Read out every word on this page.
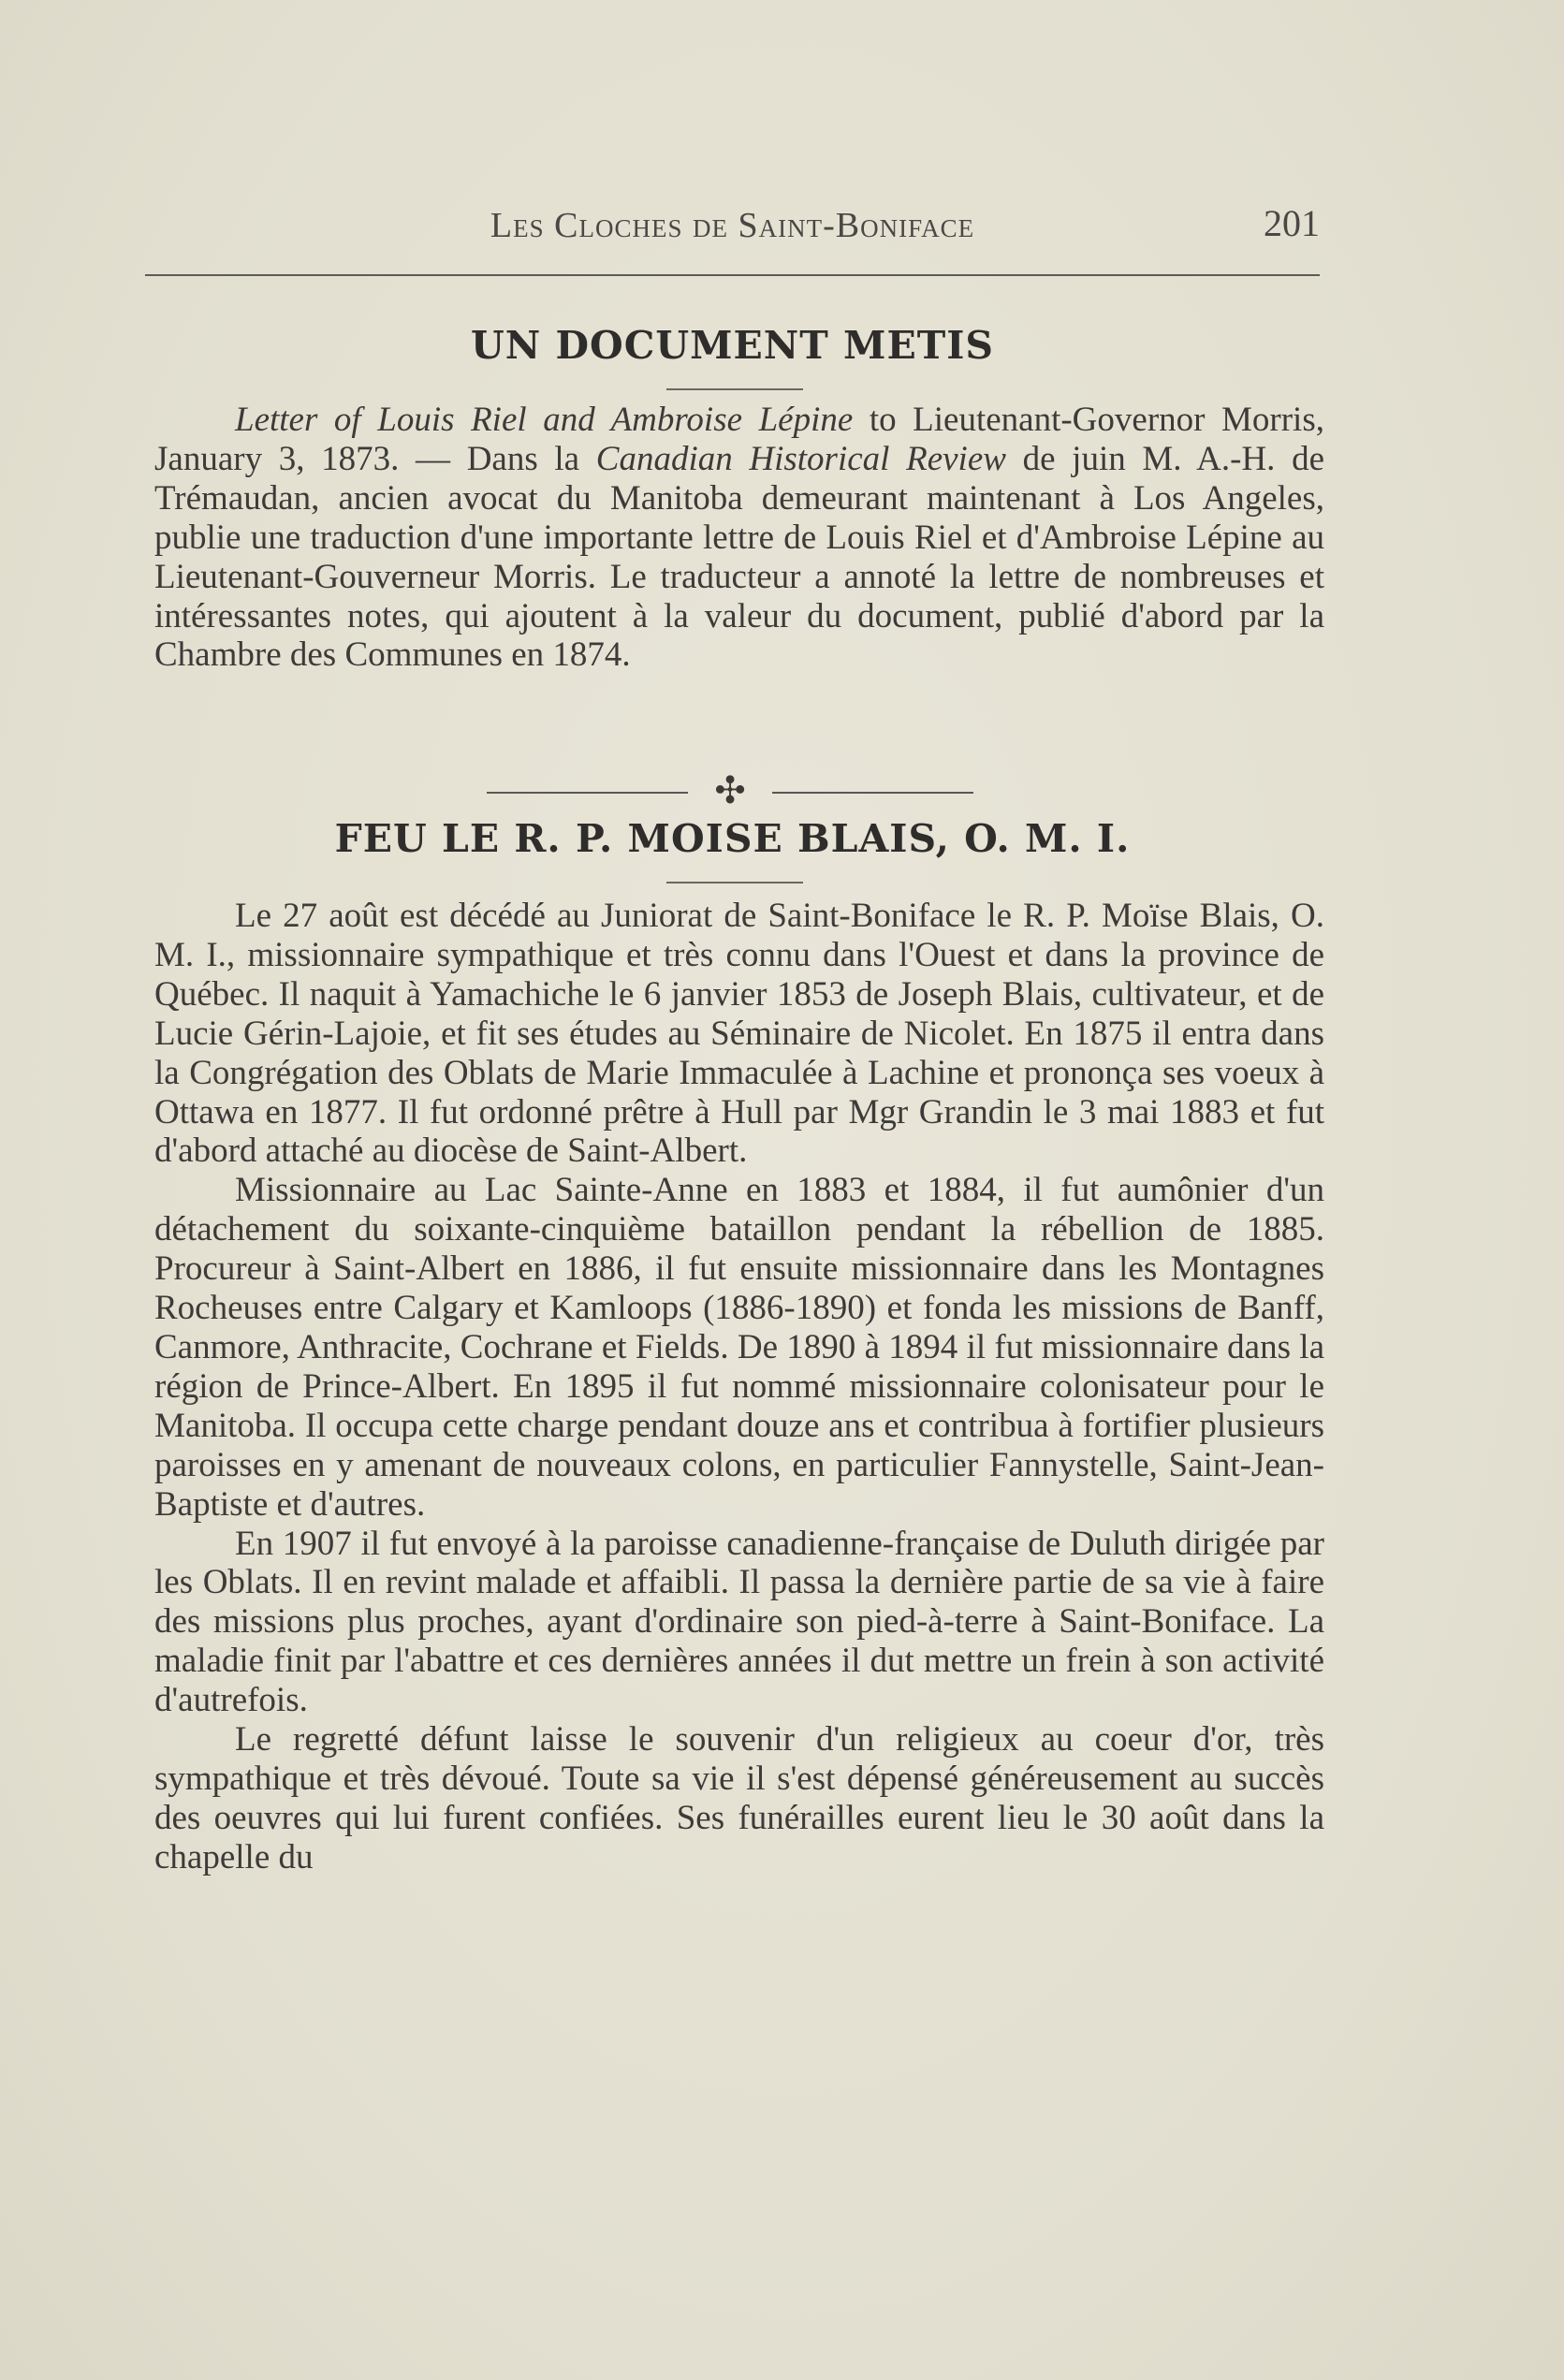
Les Cloches de Saint-Boniface	201
UN DOCUMENT METIS

Letter of Louis Riel and Ambroise Lépine to Lieutenant-Governor Morris, January 3, 1873. — Dans la Canadian Historical Review de juin M. A.-H. de Trémaudan, ancien avocat du Manitoba demeurant maintenant à Los Angeles, publie une traduction d'une importante lettre de Louis Riel et d'Ambroise Lépine au Lieutenant-Gouverneur Morris. Le traducteur a annoté la lettre de nombreuses et intéressantes notes, qui ajoutent à la valeur du document, publié d'abord par la Chambre des Communes en 1874.

✣
FEU LE R. P. MOISE BLAIS, O. M. I.

Le 27 août est décédé au Juniorat de Saint-Boniface le R. P. Moïse Blais, O. M. I., missionnaire sympathique et très connu dans l'Ouest et dans la province de Québec. Il naquit à Yamachiche le 6 janvier 1853 de Joseph Blais, cultivateur, et de Lucie Gérin-Lajoie, et fit ses études au Séminaire de Nicolet. En 1875 il entra dans la Congrégation des Oblats de Marie Immaculée à Lachine et prononça ses voeux à Ottawa en 1877. Il fut ordonné prêtre à Hull par Mgr Grandin le 3 mai 1883 et fut d'abord attaché au diocèse de Saint-Albert.

Missionnaire au Lac Sainte-Anne en 1883 et 1884, il fut aumônier d'un détachement du soixante-cinquième bataillon pendant la rébellion de 1885. Procureur à Saint-Albert en 1886, il fut ensuite missionnaire dans les Montagnes Rocheuses entre Calgary et Kamloops (1886-1890) et fonda les missions de Banff, Canmore, Anthracite, Cochrane et Fields. De 1890 à 1894 il fut missionnaire dans la région de Prince-Albert. En 1895 il fut nommé missionnaire colonisateur pour le Manitoba. Il occupa cette charge pendant douze ans et contribua à fortifier plusieurs paroisses en y amenant de nouveaux colons, en particulier Fannystelle, Saint-Jean-Baptiste et d'autres.

En 1907 il fut envoyé à la paroisse canadienne-française de Duluth dirigée par les Oblats. Il en revint malade et affaibli. Il passa la dernière partie de sa vie à faire des missions plus proches, ayant d'ordinaire son pied-à-terre à Saint-Boniface. La maladie finit par l'abattre et ces dernières années il dut mettre un frein à son activité d'autrefois.

Le regretté défunt laisse le souvenir d'un religieux au coeur d'or, très sympathique et très dévoué. Toute sa vie il s'est dépensé généreusement au succès des oeuvres qui lui furent confiées. Ses funérailles eurent lieu le 30 août dans la chapelle du
